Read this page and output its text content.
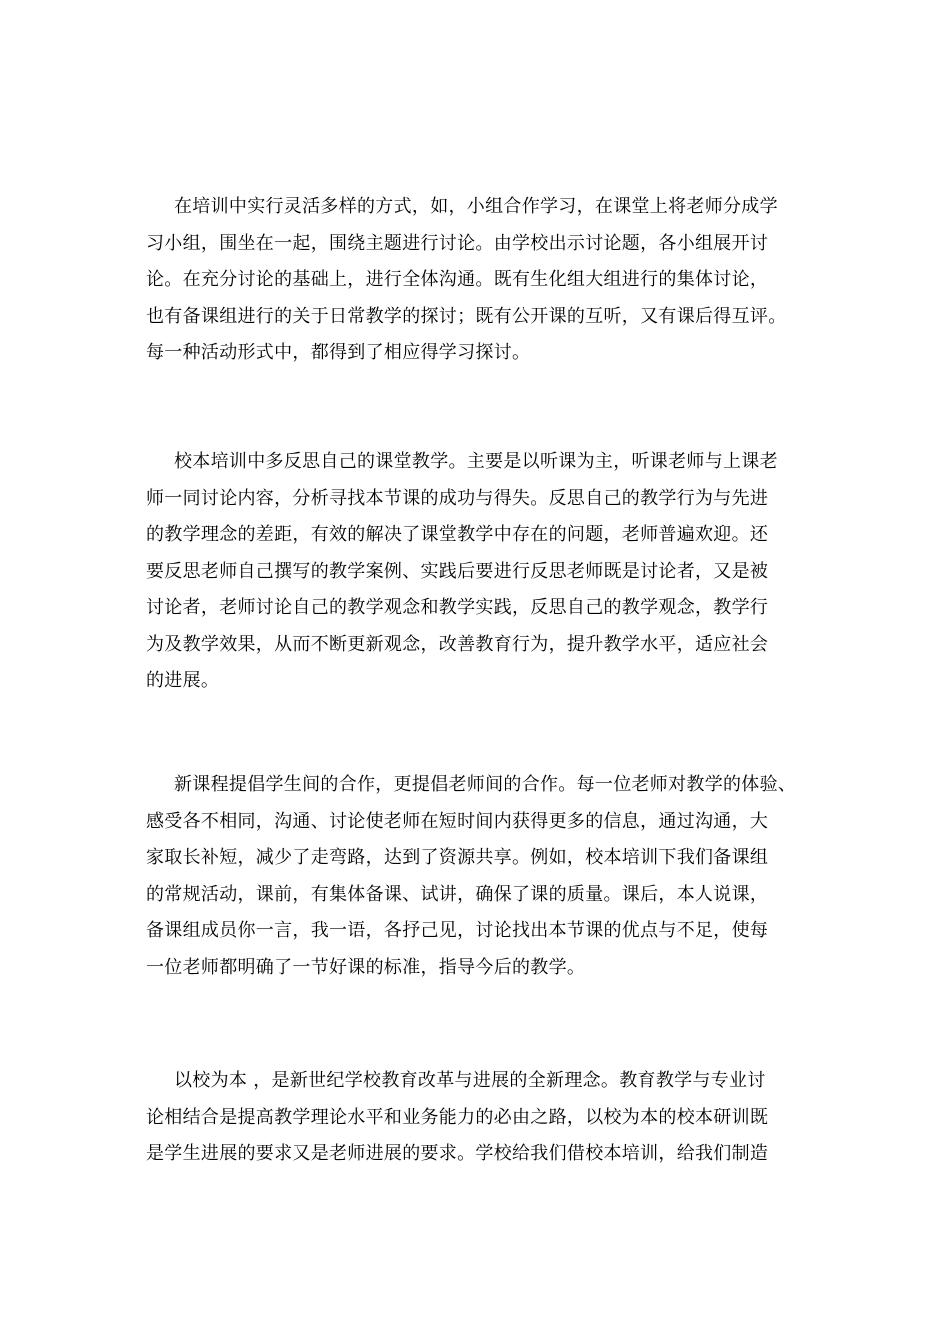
在培训中实行灵活多样的方式，如，小组合作学习，在课堂上将老师分成学
习小组，围坐在一起，围绕主题进行讨论。由学校出示讨论题，各小组展开讨
论。在充分讨论的基础上，进行全体沟通。既有生化组大组进行的集体讨论，
也有备课组进行的关于日常教学的探讨；既有公开课的互听，又有课后得互评。
每一种活动形式中，都得到了相应得学习探讨。
校本培训中多反思自己的课堂教学。主要是以听课为主，听课老师与上课老
师一同讨论内容，分析寻找本节课的成功与得失。反思自己的教学行为与先进
的教学理念的差距，有效的解决了课堂教学中存在的问题，老师普遍欢迎。还
要反思老师自己撰写的教学案例、实践后要进行反思老师既是讨论者，又是被
讨论者，老师讨论自己的教学观念和教学实践，反思自己的教学观念，教学行
为及教学效果，从而不断更新观念，改善教育行为，提升教学水平，适应社会
的进展。
新课程提倡学生间的合作，更提倡老师间的合作。每一位老师对教学的体验、
感受各不相同，沟通、讨论使老师在短时间内获得更多的信息，通过沟通，大
家取长补短，减少了走弯路，达到了资源共享。例如，校本培训下我们备课组
的常规活动，课前，有集体备课、试讲，确保了课的质量。课后，本人说课，
备课组成员你一言，我一语，各抒己见，讨论找出本节课的优点与不足，使每
一位老师都明确了一节好课的标准，指导今后的教学。
以校为本 ，是新世纪学校教育改革与进展的全新理念。教育教学与专业讨
论相结合是提高教学理论水平和业务能力的必由之路，以校为本的校本研训既
是学生进展的要求又是老师进展的要求。学校给我们借校本培训，给我们制造
